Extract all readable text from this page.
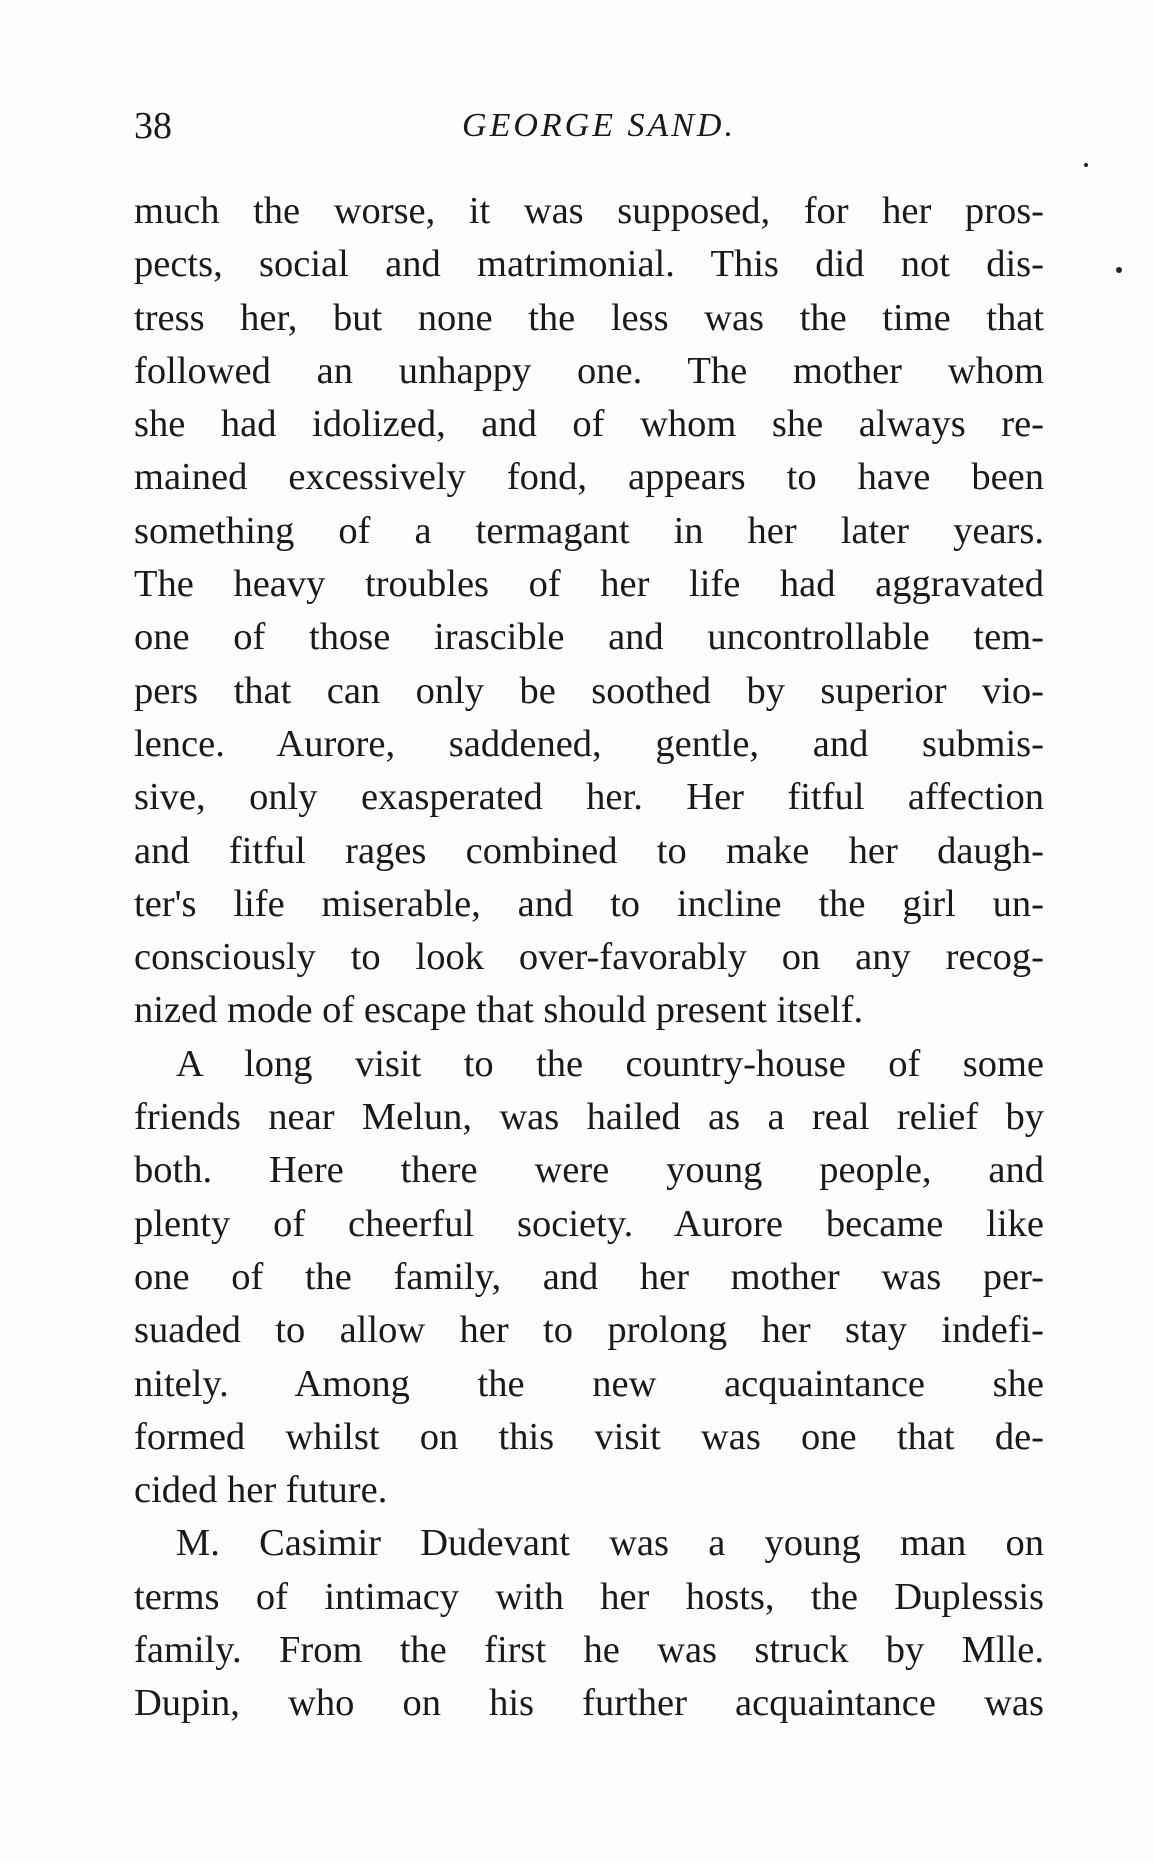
38	GEORGE SAND.
much the worse, it was supposed, for her pros-
pects, social and matrimonial. This did not dis-
tress her, but none the less was the time that
followed an unhappy one. The mother whom
she had idolized, and of whom she always re-
mained excessively fond, appears to have been
something of a termagant in her later years.
The heavy troubles of her life had aggravated
one of those irascible and uncontrollable tem-
pers that can only be soothed by superior vio-
lence. Aurore, saddened, gentle, and submis-
sive, only exasperated her. Her fitful affection
and fitful rages combined to make her daugh-
ter's life miserable, and to incline the girl un-
consciously to look over-favorably on any recog-
nized mode of escape that should present itself.
A long visit to the country-house of some
friends near Melun, was hailed as a real relief by
both. Here there were young people, and
plenty of cheerful society. Aurore became like
one of the family, and her mother was per-
suaded to allow her to prolong her stay indefi-
nitely. Among the new acquaintance she
formed whilst on this visit was one that de-
cided her future.
M. Casimir Dudevant was a young man on
terms of intimacy with her hosts, the Duplessis
family. From the first he was struck by Mlle.
Dupin, who on his further acquaintance was
